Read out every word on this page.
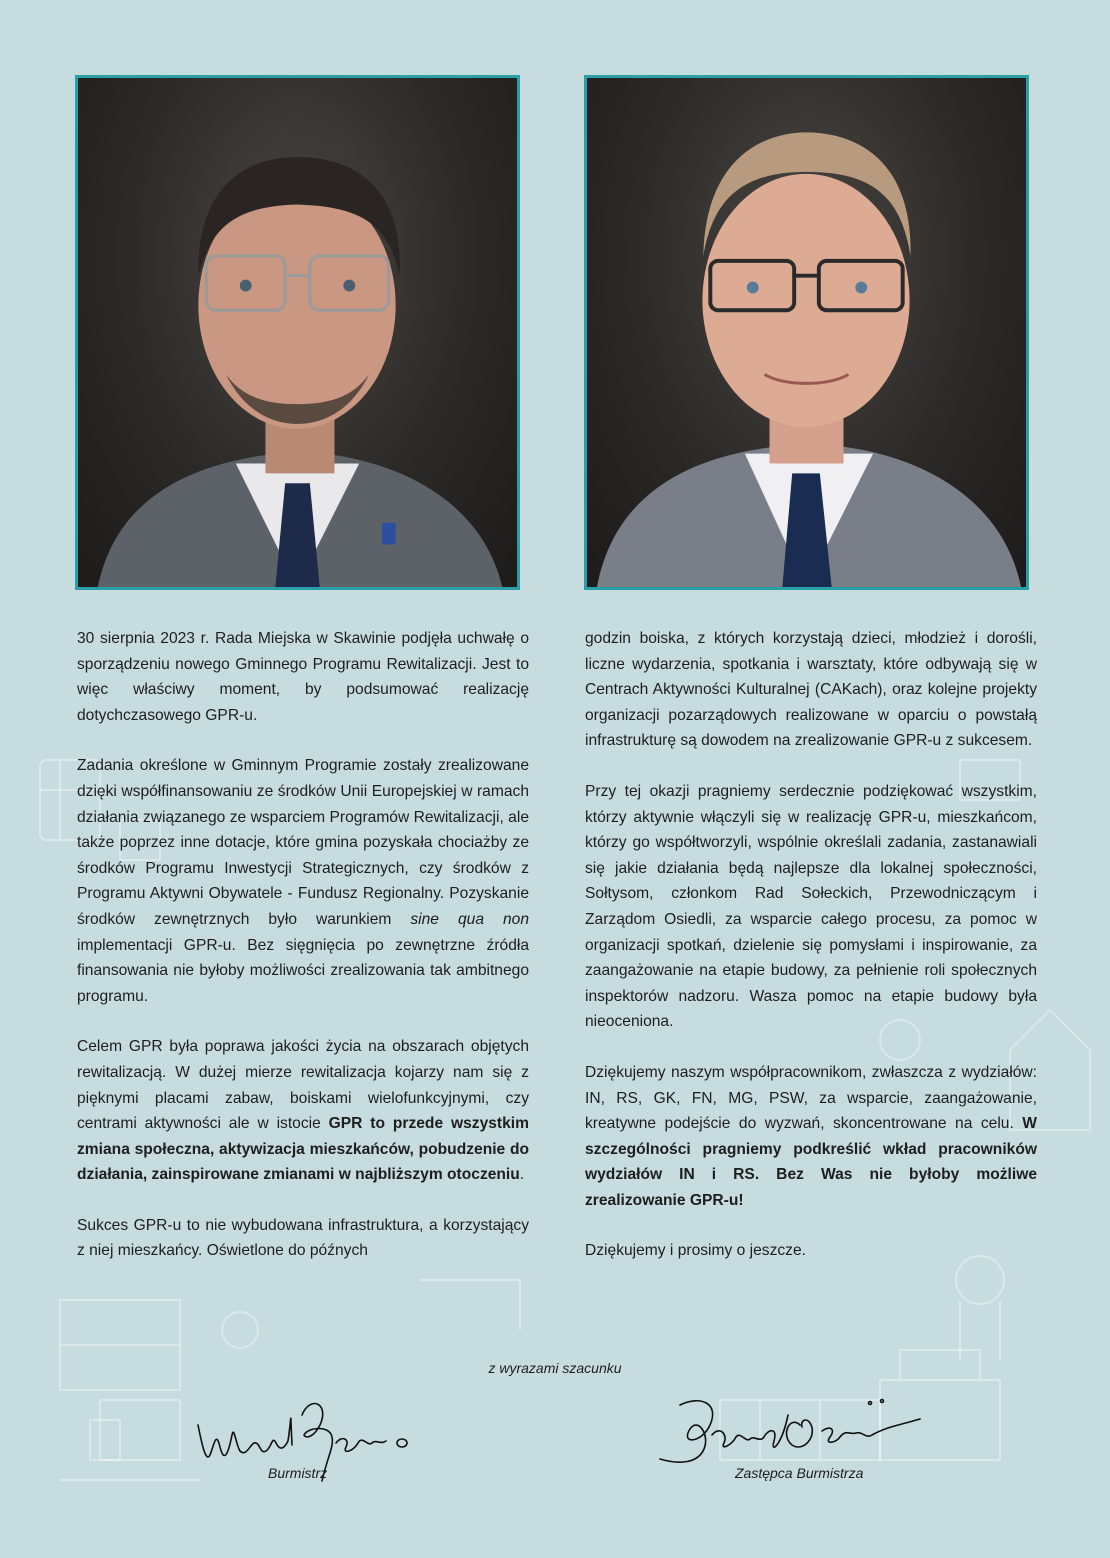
30 sierpnia 2023 r. Rada Miejska w Skawinie podjęła uchwałę o sporządzeniu nowego Gminnego Programu Rewitalizacji. Jest to więc właściwy moment, by podsumować realizację dotychczasowego GPR-u.

Zadania określone w Gminnym Programie zostały zrealizowane dzięki współfinansowaniu ze środków Unii Europejskiej w ramach działania związanego ze wsparciem Programów Rewitalizacji, ale także poprzez inne dotacje, które gmina pozyskała chociażby ze środków Programu Inwestycji Strategicznych, czy środków z Programu Aktywni Obywatele - Fundusz Regionalny. Pozyskanie środków zewnętrznych było warunkiem sine qua non implementacji GPR-u. Bez sięgnięcia po zewnętrzne źródła finansowania nie byłoby możliwości zrealizowania tak ambitnego programu.

Celem GPR była poprawa jakości życia na obszarach objętych rewitalizacją. W dużej mierze rewitalizacja kojarzy nam się z pięknymi placami zabaw, boiskami wielofunkcyjnymi, czy centrami aktywności ale w istocie GPR to przede wszystkim zmiana społeczna, aktywizacja mieszkańców, pobudzenie do działania, zainspirowane zmianami w najbliższym otoczeniu.

Sukces GPR-u to nie wybudowana infrastruktura, a korzystający z niej mieszkańcy. Oświetlone do późnych

godzin boiska, z których korzystają dzieci, młodzież i dorośli, liczne wydarzenia, spotkania i warsztaty, które odbywają się w Centrach Aktywności Kulturalnej (CAKach), oraz kolejne projekty organizacji pozarządowych realizowane w oparciu o powstałą infrastrukturę są dowodem na zrealizowanie GPR-u z sukcesem.

Przy tej okazji pragniemy serdecznie podziękować wszystkim, którzy aktywnie włączyli się w realizację GPR-u, mieszkańcom, którzy go współtworzyli, wspólnie określali zadania, zastanawiali się jakie działania będą najlepsze dla lokalnej społeczności, Sołtysom, członkom Rad Sołeckich, Przewodniczącym i Zarządom Osiedli, za wsparcie całego procesu, za pomoc w organizacji spotkań, dzielenie się pomysłami i inspirowanie, za zaangażowanie na etapie budowy, za pełnienie roli społecznych inspektorów nadzoru. Wasza pomoc na etapie budowy była nieoceniona.

Dziękujemy naszym współpracownikom, zwłaszcza z wydziałów: IN, RS, GK, FN, MG, PSW, za wsparcie, zaangażowanie, kreatywne podejście do wyzwań, skoncentrowane na celu. W szczególności pragniemy podkreślić wkład pracowników wydziałów IN i RS. Bez Was nie byłoby możliwe zrealizowanie GPR-u!

Dziękujemy i prosimy o jeszcze.

z wyrazami szacunku
Burmistrz	Zastępca Burmistrza
